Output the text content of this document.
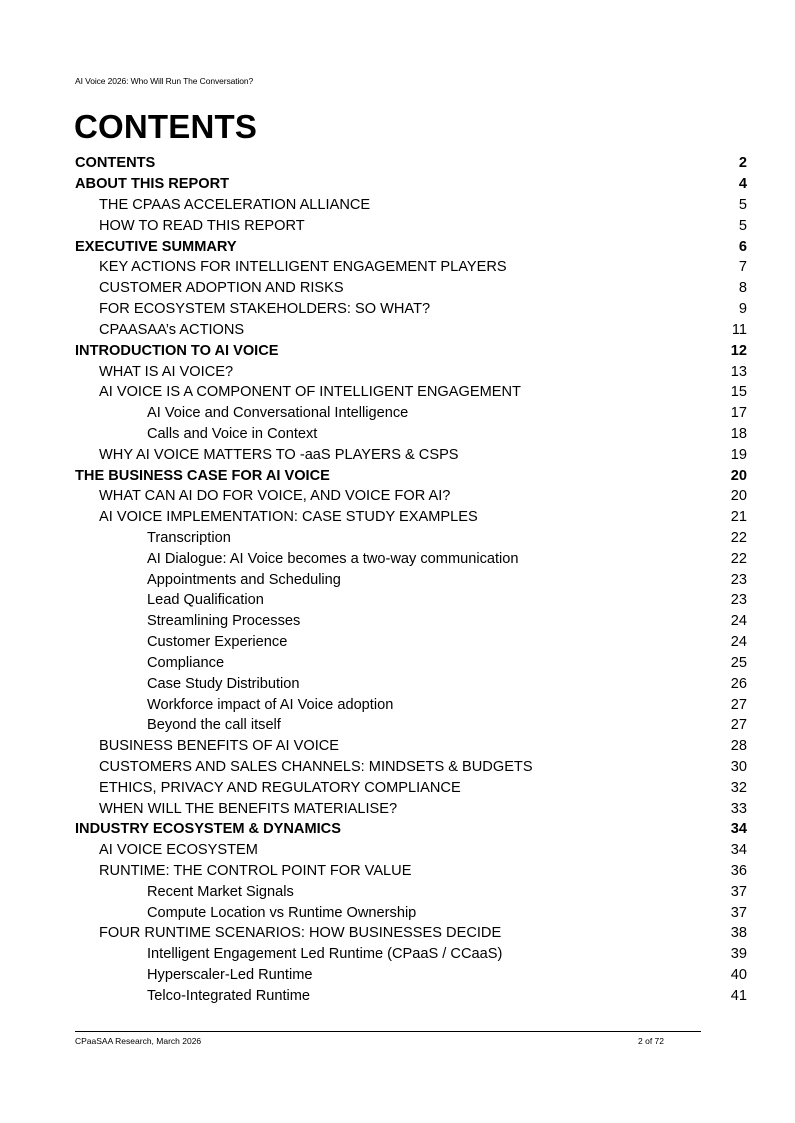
AI Voice 2026: Who Will Run The Conversation?
CONTENTS
CONTENTS	2
ABOUT THIS REPORT	4
THE CPAAS ACCELERATION ALLIANCE	5
HOW TO READ THIS REPORT	5
EXECUTIVE SUMMARY	6
KEY ACTIONS FOR INTELLIGENT ENGAGEMENT PLAYERS	7
CUSTOMER ADOPTION AND RISKS	8
FOR ECOSYSTEM STAKEHOLDERS: SO WHAT?	9
CPAASAA’s ACTIONS	11
INTRODUCTION TO AI VOICE	12
WHAT IS AI VOICE?	13
AI VOICE IS A COMPONENT OF INTELLIGENT ENGAGEMENT	15
AI Voice and Conversational Intelligence	17
Calls and Voice in Context	18
WHY AI VOICE MATTERS TO -aaS PLAYERS & CSPS	19
THE BUSINESS CASE FOR AI VOICE	20
WHAT CAN AI DO FOR VOICE, AND VOICE FOR AI?	20
AI VOICE IMPLEMENTATION: CASE STUDY EXAMPLES	21
Transcription	22
AI Dialogue: AI Voice becomes a two-way communication	22
Appointments and Scheduling	23
Lead Qualification	23
Streamlining Processes	24
Customer Experience	24
Compliance	25
Case Study Distribution	26
Workforce impact of AI Voice adoption	27
Beyond the call itself	27
BUSINESS BENEFITS OF AI VOICE	28
CUSTOMERS AND SALES CHANNELS: MINDSETS & BUDGETS	30
ETHICS, PRIVACY AND REGULATORY COMPLIANCE	32
WHEN WILL THE BENEFITS MATERIALISE?	33
INDUSTRY ECOSYSTEM & DYNAMICS	34
AI VOICE ECOSYSTEM	34
RUNTIME: THE CONTROL POINT FOR VALUE	36
Recent Market Signals	37
Compute Location vs Runtime Ownership	37
FOUR RUNTIME SCENARIOS: HOW BUSINESSES DECIDE	38
Intelligent Engagement Led Runtime (CPaaS / CCaaS)	39
Hyperscaler-Led Runtime	40
Telco-Integrated Runtime	41
CPaaSAA Research, March 2026	2 of 72
